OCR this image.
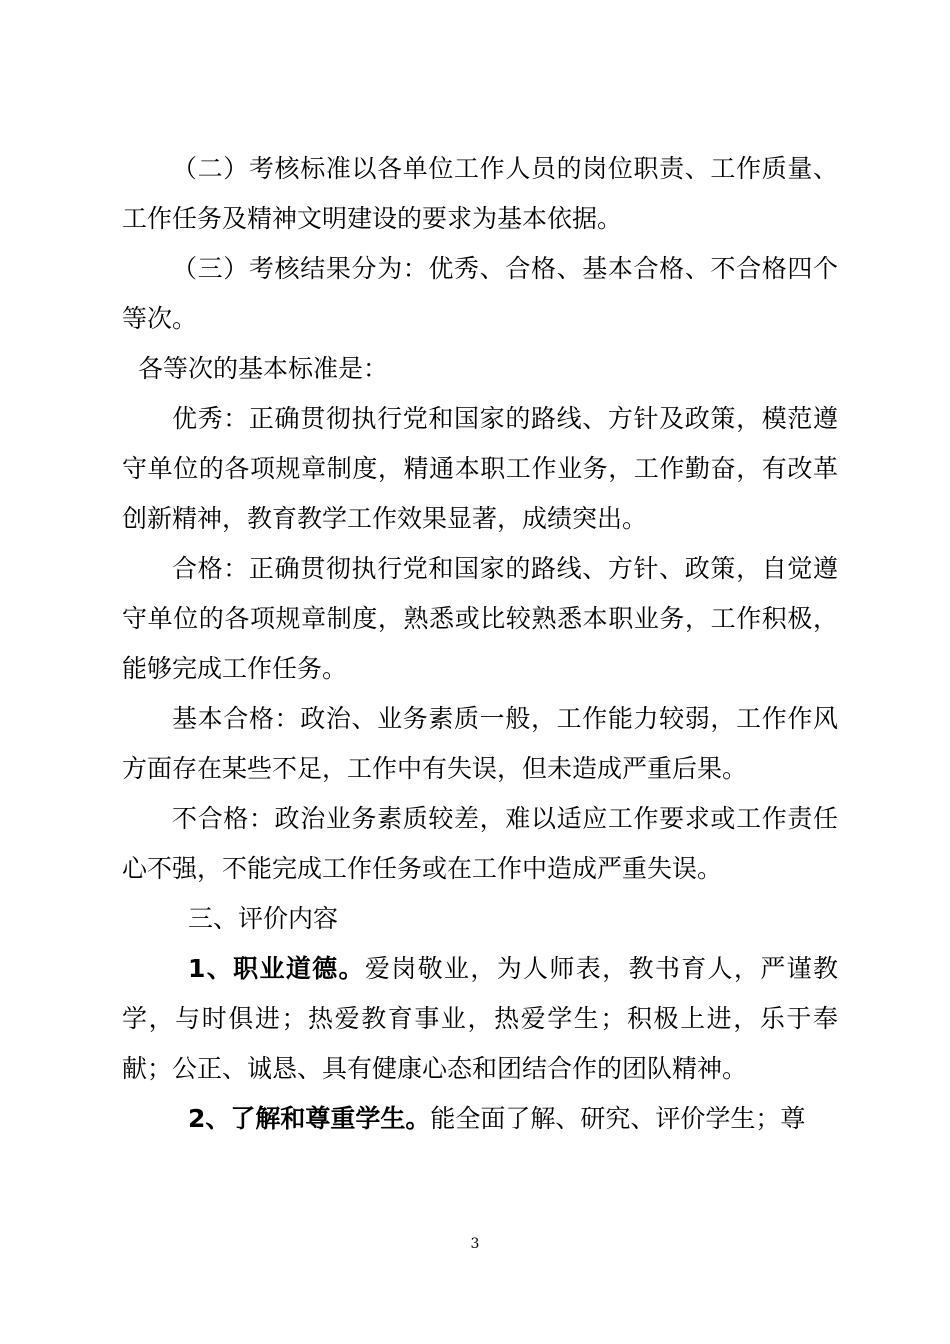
（二）考核标准以各单位工作人员的岗位职责、工作质量、工作任务及精神文明建设的要求为基本依据。

（三）考核结果分为：优秀、合格、基本合格、不合格四个等次。

各等次的基本标准是：

优秀：正确贯彻执行党和国家的路线、方针及政策，模范遵守单位的各项规章制度，精通本职工作业务，工作勤奋，有改革创新精神，教育教学工作效果显著，成绩突出。

合格：正确贯彻执行党和国家的路线、方针、政策，自觉遵守单位的各项规章制度，熟悉或比较熟悉本职业务，工作积极，能够完成工作任务。

基本合格：政治、业务素质一般，工作能力较弱，工作作风方面存在某些不足，工作中有失误，但未造成严重后果。

不合格：政治业务素质较差，难以适应工作要求或工作责任心不强，不能完成工作任务或在工作中造成严重失误。

三、评价内容

1、职业道德。爱岗敬业，为人师表，教书育人，严谨教学，与时俱进；热爱教育事业，热爱学生；积极上进，乐于奉献；公正、诚恳、具有健康心态和团结合作的团队精神。

2、了解和尊重学生。能全面了解、研究、评价学生；尊

3
